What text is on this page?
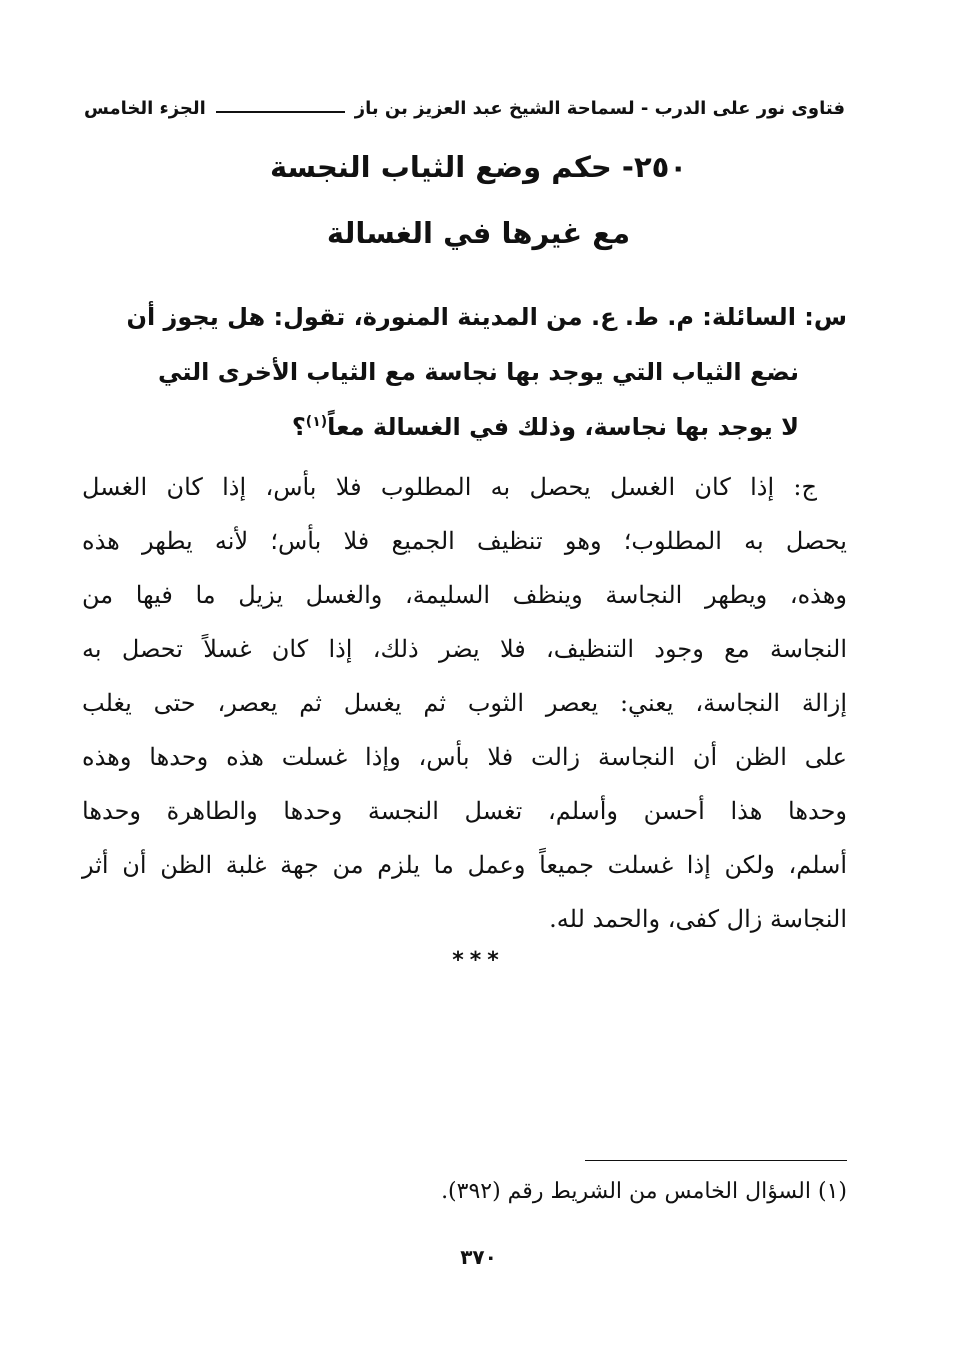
فتاوى نور على الدرب - لسماحة الشيخ عبد العزيز بن باز
الجزء الخامس
٢٥٠- حكم وضع الثياب النجسة
مع غيرها في الغسالة
س: السائلة: م. ط. ع. من المدينة المنورة، تقول: هل يجوز أن
نضع الثياب التي يوجد بها نجاسة مع الثياب الأخرى التي
لا يوجد بها نجاسة، وذلك في الغسالة معاً$^{(١)}$؟
ج: إذا كان الغسل يحصل به المطلوب فلا بأس، إذا كان الغسل
يحصل به المطلوب؛ وهو تنظيف الجميع فلا بأس؛ لأنه يطهر هذه
وهذه، ويطهر النجاسة وينظف السليمة، والغسل يزيل ما فيها من
النجاسة مع وجود التنظيف، فلا يضر ذلك، إذا كان غسلاً تحصل به
إزالة النجاسة، يعني: يعصر الثوب ثم يغسل ثم يعصر، حتى يغلب
على الظن أن النجاسة زالت فلا بأس، وإذا غسلت هذه وحدها وهذه
وحدها هذا أحسن وأسلم، تغسل النجسة وحدها والطاهرة وحدها
أسلم، ولكن إذا غسلت جميعاً وعمل ما يلزم من جهة غلبة الظن أن أثر
النجاسة زال كفى، والحمد لله.
***
(١) السؤال الخامس من الشريط رقم (٣٩٢).
٣٧٠
